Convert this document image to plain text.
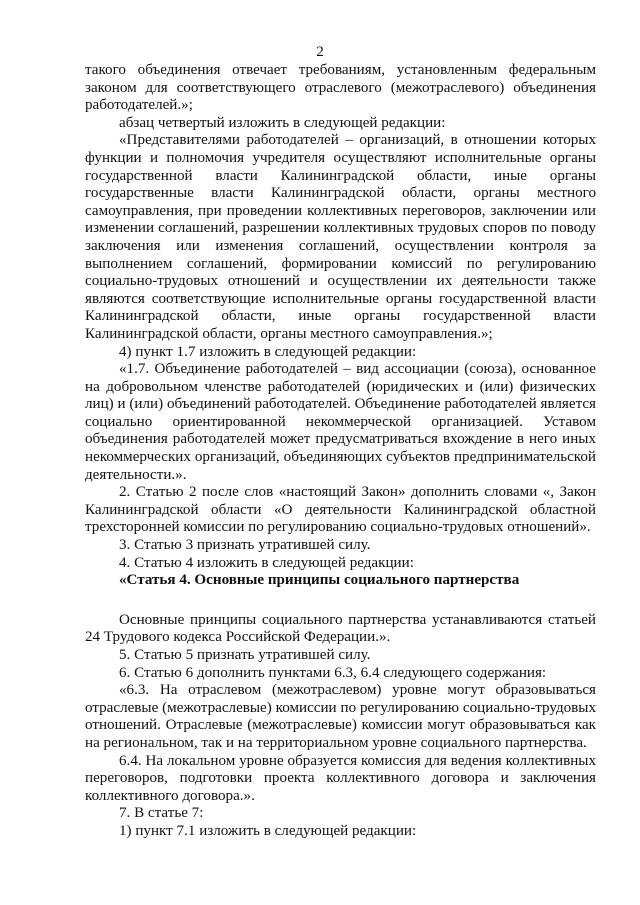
2

такого объединения отвечает требованиям, установленным федеральным законом для соответствующего отраслевого (межотраслевого) объединения работодателей.»;

абзац четвертый изложить в следующей редакции:

«Представителями работодателей – организаций, в отношении которых функции и полномочия учредителя осуществляют исполнительные органы государственной власти Калининградской области, иные органы государственные власти Калининградской области, органы местного самоуправления, при проведении коллективных переговоров, заключении или изменении соглашений, разрешении коллективных трудовых споров по поводу заключения или изменения соглашений, осуществлении контроля за выполнением соглашений, формировании комиссий по регулированию социально-трудовых отношений и осуществлении их деятельности также являются соответствующие исполнительные органы государственной власти Калининградской области, иные органы государственной власти Калининградской области, органы местного самоуправления.»;

4) пункт 1.7 изложить в следующей редакции:

«1.7. Объединение работодателей – вид ассоциации (союза), основанное на добровольном членстве работодателей (юридических и (или) физических лиц) и (или) объединений работодателей. Объединение работодателей является социально ориентированной некоммерческой организацией. Уставом объединения работодателей может предусматриваться вхождение в него иных некоммерческих организаций, объединяющих субъектов предпринимательской деятельности.».

2. Статью 2 после слов «настоящий Закон» дополнить словами «, Закон Калининградской области «О деятельности Калининградской областной трехсторонней комиссии по регулированию социально-трудовых отношений».

3. Статью 3 признать утратившей силу.

4. Статью 4 изложить в следующей редакции:

«Статья 4. Основные принципы социального партнерства

Основные принципы социального партнерства устанавливаются статьей 24 Трудового кодекса Российской Федерации.».

5. Статью 5 признать утратившей силу.

6. Статью 6 дополнить пунктами 6.3, 6.4 следующего содержания:

«6.3. На отраслевом (межотраслевом) уровне могут образовываться отраслевые (межотраслевые) комиссии по регулированию социально-трудовых отношений. Отраслевые (межотраслевые) комиссии могут образовываться как на региональном, так и на территориальном уровне социального партнерства.

6.4. На локальном уровне образуется комиссия для ведения коллективных переговоров, подготовки проекта коллективного договора и заключения коллективного договора.».

7. В статье 7:

1) пункт 7.1 изложить в следующей редакции:
